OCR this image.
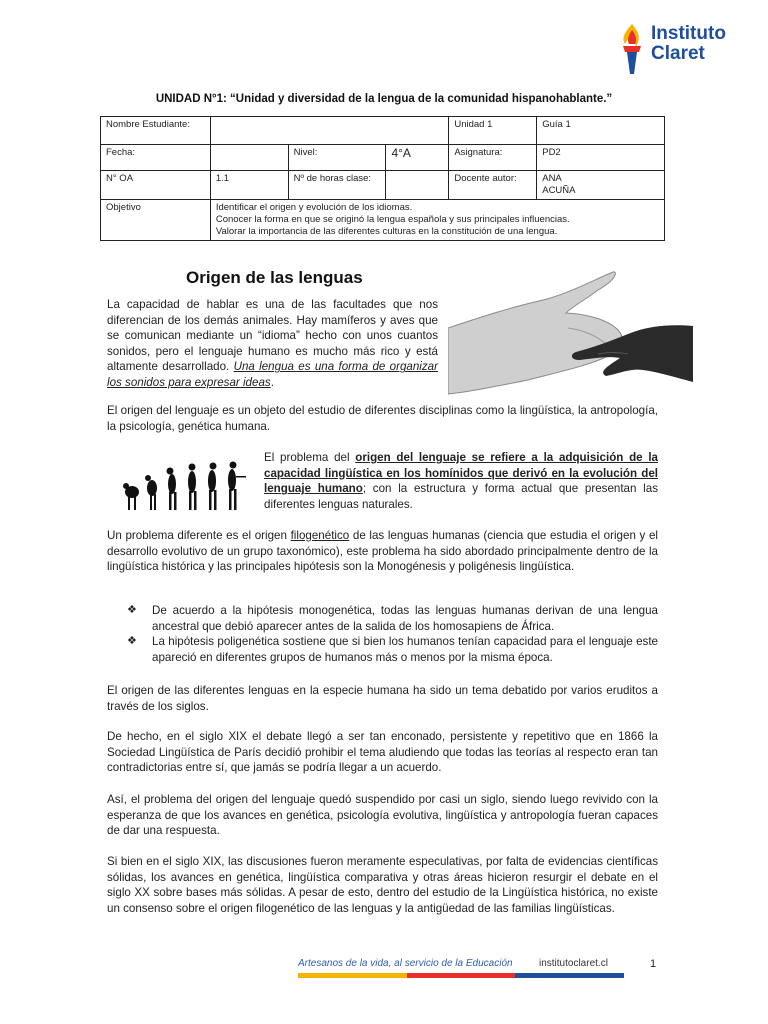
Instituto
Claret
UNIDAD N°1: “Unidad y diversidad de la lengua de la comunidad hispanohablante.”
Nombre Estudiante:				Unidad 1	Guía 1
Fecha:		Nivel:	4°A	Asignatura:	PD2
N° OA	1.1	Nº de horas clase:		Docente autor:	ANA
ACUÑA

Objetivo	Identificar el origen y evolución de los idiomas.
Conocer la forma en que se originó la lengua española y sus principales influencias.
Valorar la importancia de las diferentes culturas en la constitución de una lengua.				
Origen de las lenguas

La capacidad de hablar es una de las facultades que nos diferencian de los demás animales. Hay mamíferos y aves que se comunican mediante un “idioma” hecho con unos cuantos sonidos, pero el lenguaje humano es mucho más rico y está altamente desarrollado. Una lengua es una forma de organizar los sonidos para expresar ideas.

El origen del lenguaje es un objeto del estudio de diferentes disciplinas como la lingüística, la antropología, la psicología, genética humana.

El problema del origen del lenguaje se refiere a la adquisición de la capacidad lingüística en los homínidos que derivó en la evolución del lenguaje humano; con la estructura y forma actual que presentan las diferentes lenguas naturales.

Un problema diferente es el origen filogenético de las lenguas humanas (ciencia que estudia el origen y el desarrollo evolutivo de un grupo taxonómico), este problema ha sido abordado principalmente dentro de la lingüística histórica y las principales hipótesis son la Monogénesis y poligénesis lingüística.

❖ De acuerdo a la hipótesis monogenética, todas las lenguas humanas derivan de una lengua ancestral que debió aparecer antes de la salida de los homosapiens de África.
❖ La hipótesis poligenética sostiene que si bien los humanos tenían capacidad para el lenguaje este apareció en diferentes grupos de humanos más o menos por la misma época.

El origen de las diferentes lenguas en la especie humana ha sido un tema debatido por varios eruditos a través de los siglos.

De hecho, en el siglo XIX el debate llegó a ser tan enconado, persistente y repetitivo que en 1866 la Sociedad Lingüística de París decidió prohibir el tema aludiendo que todas las teorías al respecto eran tan contradictorias entre sí, que jamás se podría llegar a un acuerdo.

Así, el problema del origen del lenguaje quedó suspendido por casi un siglo, siendo luego revivido con la esperanza de que los avances en genética, psicología evolutiva, lingüística y antropología fueran capaces de dar una respuesta.

Si bien en el siglo XIX, las discusiones fueron meramente especulativas, por falta de evidencias científicas sólidas, los avances en genética, lingüística comparativa y otras áreas hicieron resurgir el debate en el siglo XX sobre bases más sólidas. A pesar de esto, dentro del estudio de la Lingüística histórica, no existe un consenso sobre el origen filogenético de las lenguas y la antigüedad de las familias lingüísticas.

Artesanos de la vida, al servicio de la Educación	institutoclaret.cl	1
